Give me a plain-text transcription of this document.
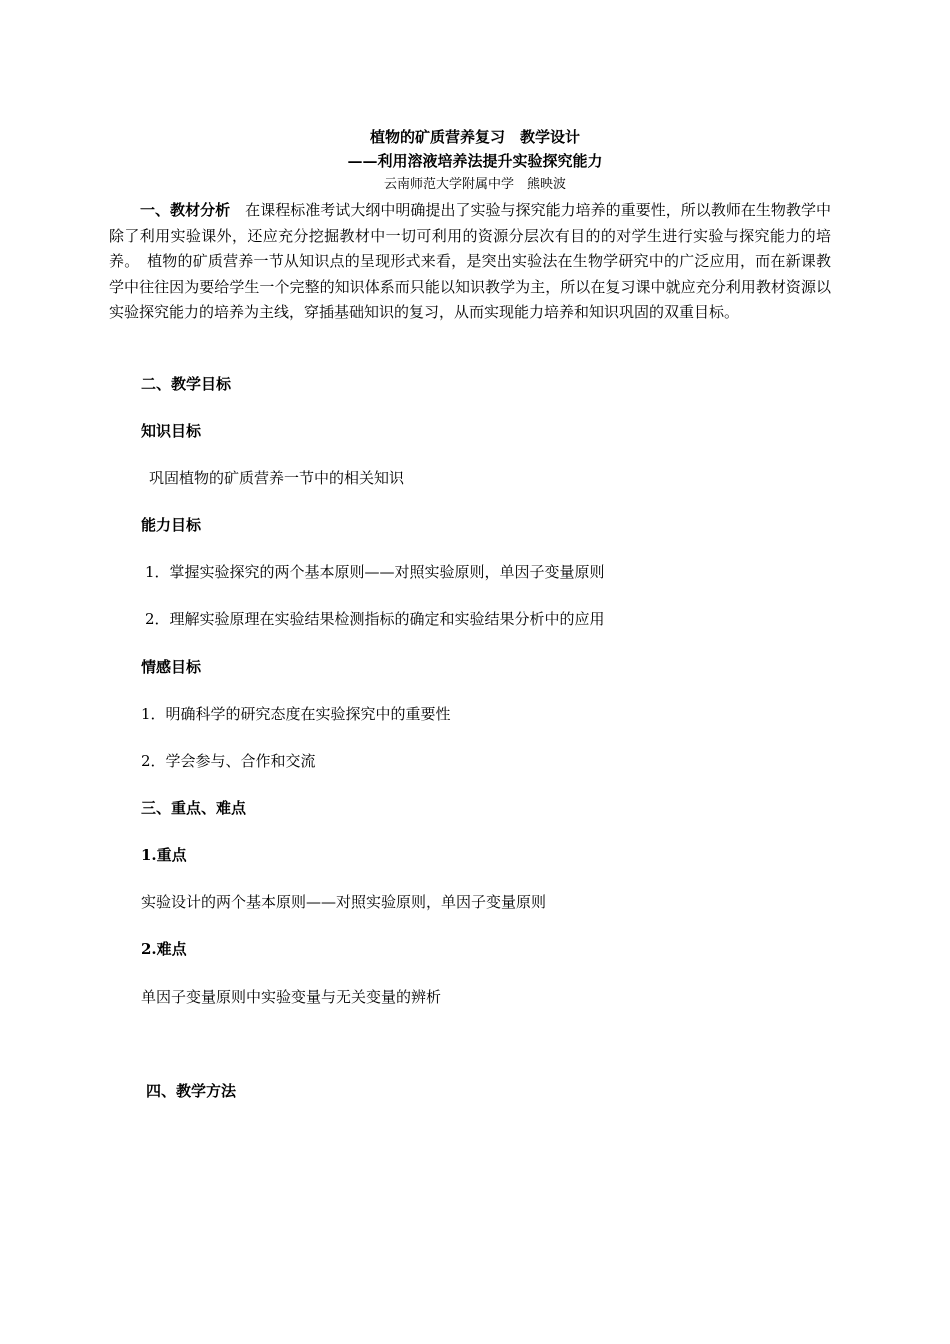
植物的矿质营养复习　教学设计
——利用溶液培养法提升实验探究能力
云南师范大学附属中学　熊映波

一、教材分析　 在课程标准考试大纲中明确提出了实验与探究能力培养的重要性，所以教师在生物教学中除了利用实验课外，还应充分挖掘教材中一切可利用的资源分层次有目的的对学生进行实验与探究能力的培养。　植物的矿质营养一节从知识点的呈现形式来看，是突出实验法在生物学研究中的广泛应用，而在新课教学中往往因为要给学生一个完整的知识体系而只能以知识教学为主，所以在复习课中就应充分利用教材资源以实验探究能力的培养为主线，穿插基础知识的复习，从而实现能力培养和知识巩固的双重目标。

二、教学目标
知识目标
巩固植物的矿质营养一节中的相关知识
能力目标
1．掌握实验探究的两个基本原则——对照实验原则，单因子变量原则
2．理解实验原理在实验结果检测指标的确定和实验结果分析中的应用
情感目标
1．明确科学的研究态度在实验探究中的重要性
2．学会参与、合作和交流
三、重点、难点
1.重点
实验设计的两个基本原则——对照实验原则，单因子变量原则
2.难点
单因子变量原则中实验变量与无关变量的辨析
四、教学方法
